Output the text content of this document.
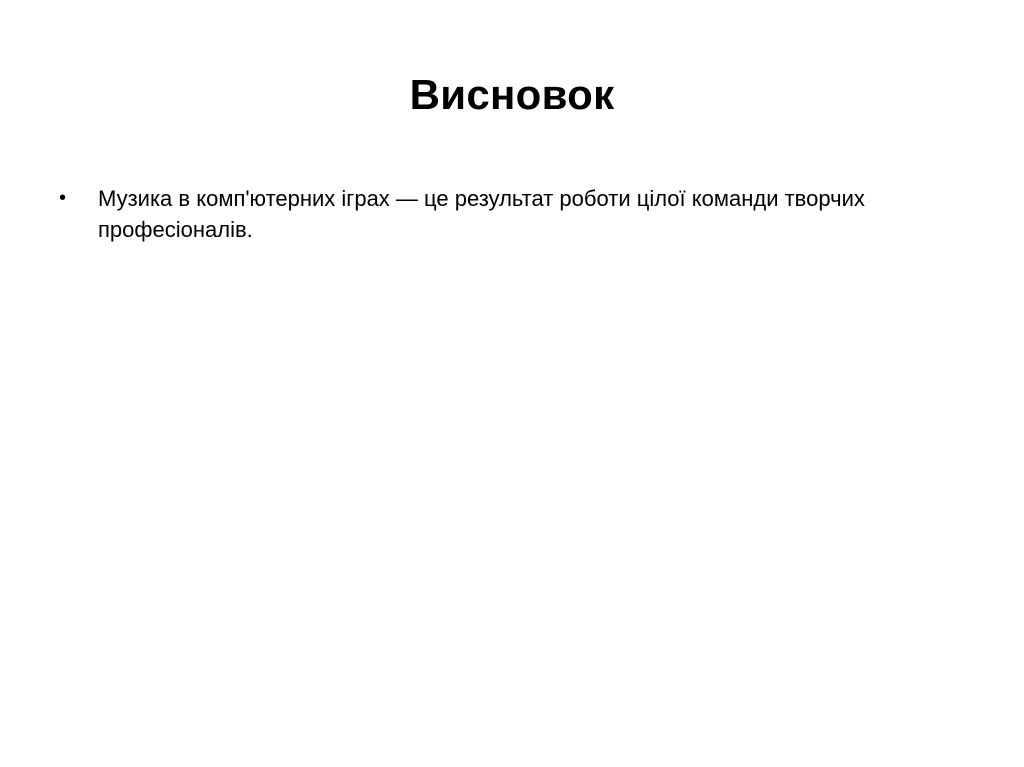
Висновок
• Музика в комп'ютерних іграх — це результат роботи цілої команди творчих професіоналів.
